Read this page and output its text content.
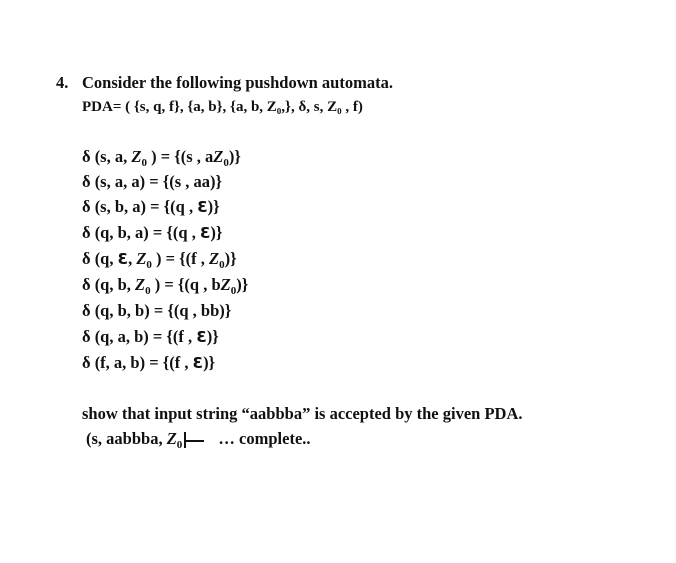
4. Consider the following pushdown automata.
PDA= ( {s, q, f}, {a, b}, {a, b, Z₀,}, δ, s, Z₀ , f)
δ (s, a, $Z_0$ ) = {(s , $aZ_0$)}
δ (s, a, a) = {(s , aa)}
δ (s, b, a) = {(q , Ɛ)}
δ (q, b, a) = {(q , Ɛ)}
δ (q, Ɛ, $Z_0$ ) = {(f , $Z_0$)}
δ (q, b, $Z_0$ ) = {(q , $bZ_0$)}
δ (q, b, b) = {(q , bb)}
δ (q, a, b) = {(f , Ɛ)}
δ (f, a, b) = {(f , Ɛ)}
show that input string “aabbba” is accepted by the given PDA.
(s, aabbba, $Z_0$
… complete..
